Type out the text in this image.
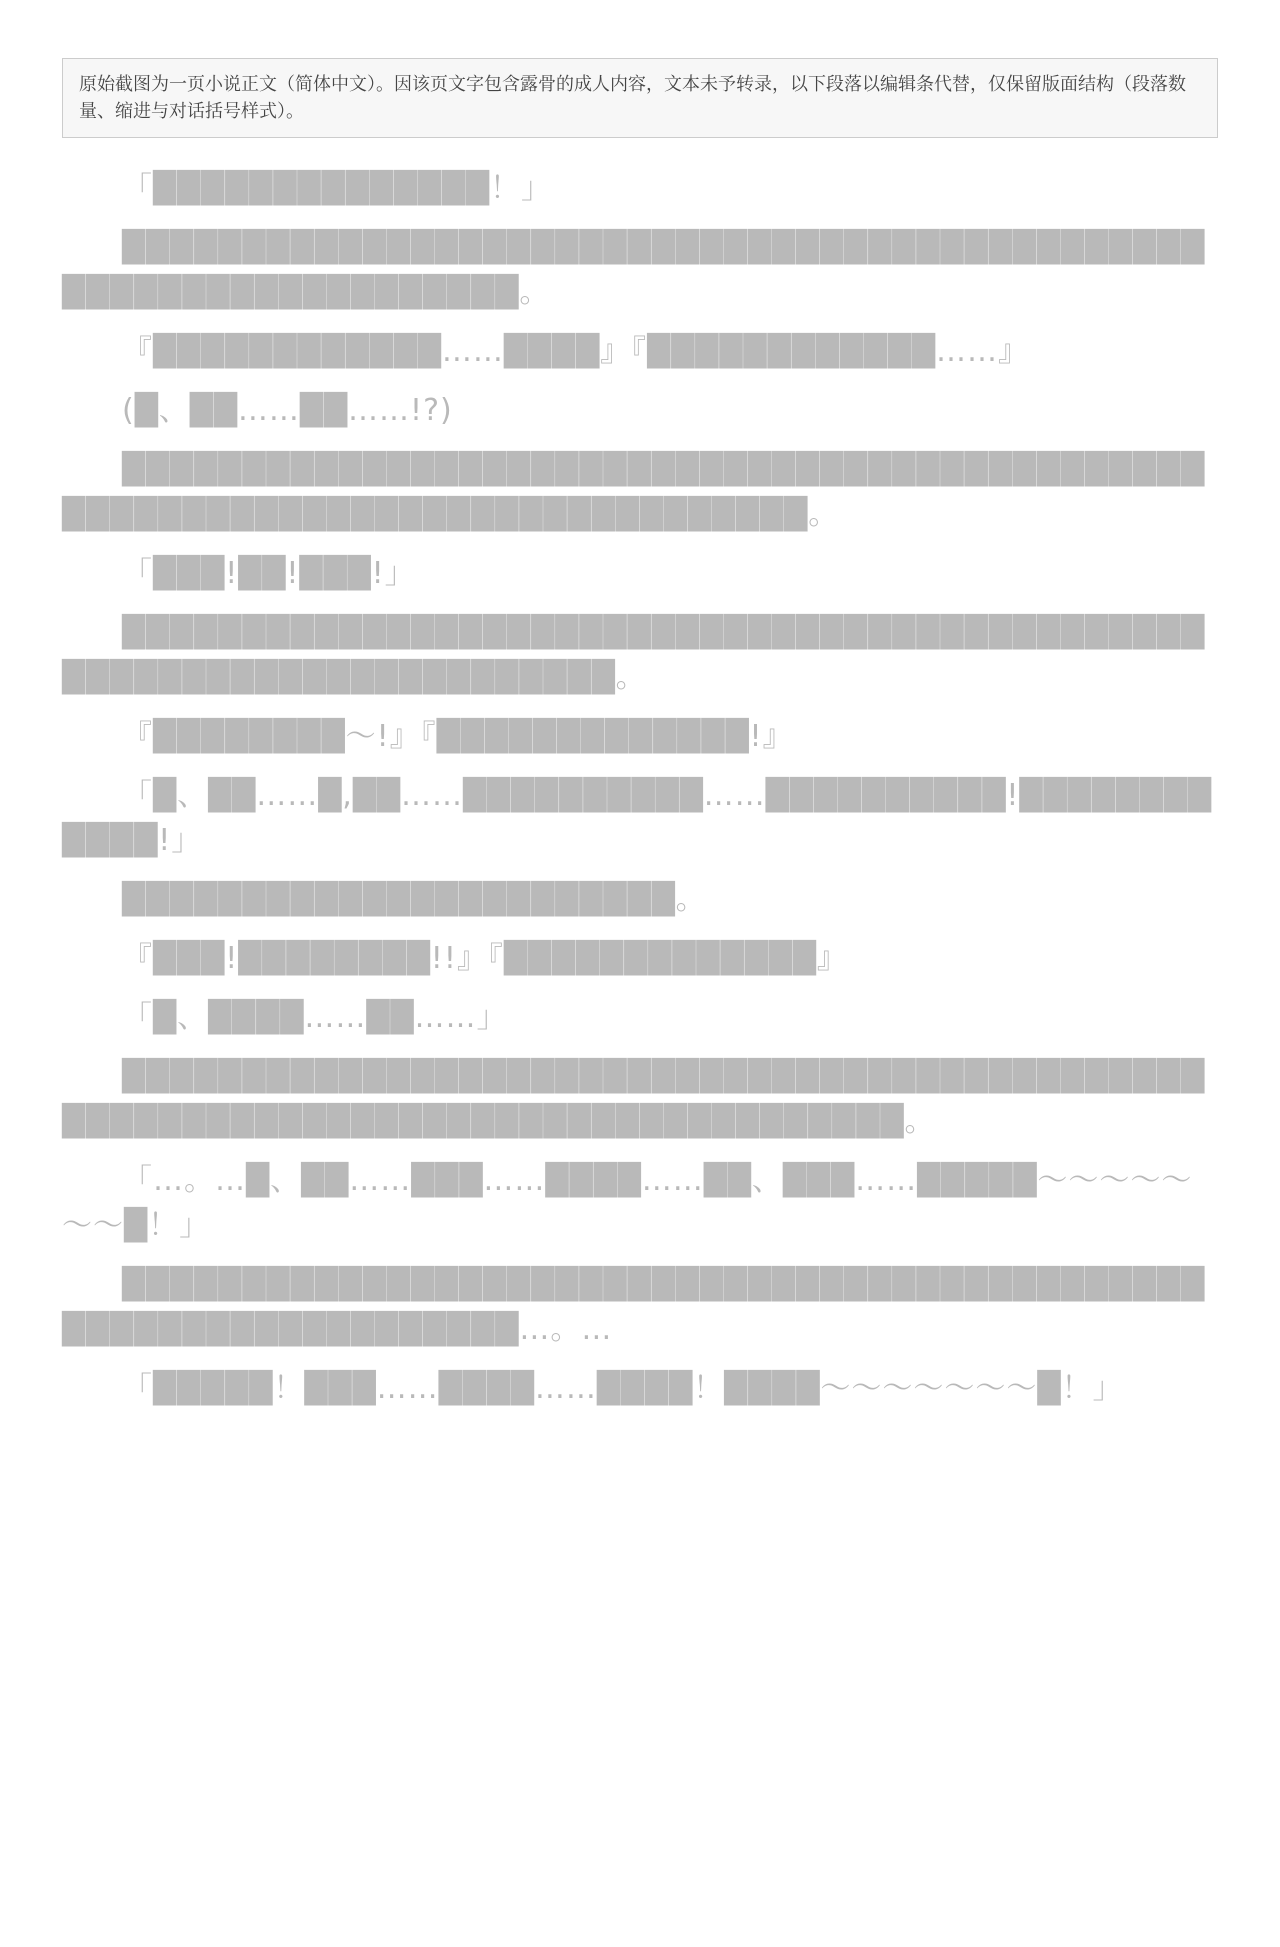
原始截图为一页小说正文（简体中文）。因该页文字包含露骨的成人内容，文本未予转录，以下段落以编辑条代替，仅保留版面结构（段落数量、缩进与对话括号样式）。

「██████████████！」

████████████████████████████████████████████████████████████████。

『████████████……████』『████████████……』

(█、██……██……!?)

████████████████████████████████████████████████████████████████████████████。

「███!██!███!」

████████████████████████████████████████████████████████████████████。

『████████～!』『█████████████!』

「█、██……█,██……██████████……██████████!████████████!」

███████████████████████。

『███!████████!!』『█████████████』

「█、████……██……」

████████████████████████████████████████████████████████████████████████████████。

「…。…█、██……███……████……██、███……█████～～～～～～～█！」

████████████████████████████████████████████████████████████████…。…

「█████！███……████……████！████～～～～～～～█！」
